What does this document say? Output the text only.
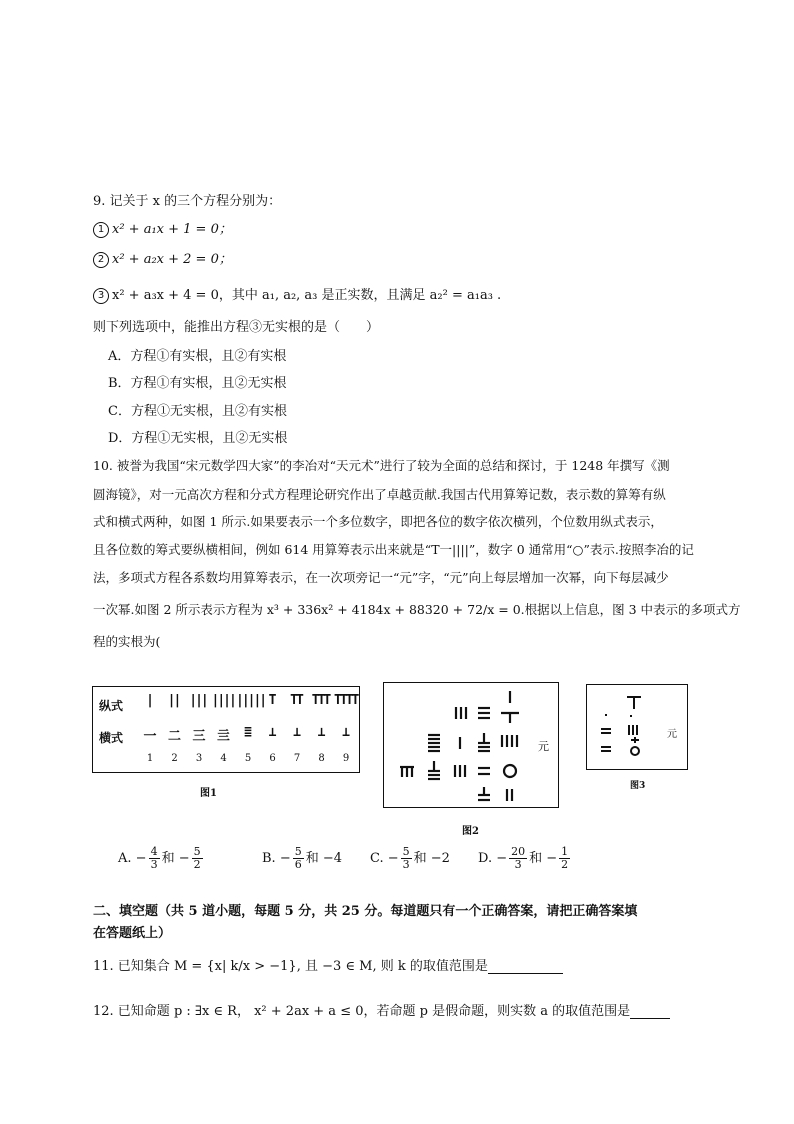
9. 记关于 x 的三个方程分别为：
1 x² + a₁x + 1 = 0；
2 x² + a₂x + 2 = 0；
3 x² + a₃x + 4 = 0，其中 a₁, a₂, a₃ 是正实数，且满足 a₂² = a₁a₃ .
则下列选项中，能推出方程③无实根的是（　　）
A．方程①有实根，且②有实根
B．方程①有实根，且②无实根
C．方程①无实根，且②有实根
D．方程①无实根，且②无实根
10. 被誉为我国“宋元数学四大家”的李冶对“天元术”进行了较为全面的总结和探讨，于 1248 年撰写《测
圆海镜》，对一元高次方程和分式方程理论研究作出了卓越贡献.我国古代用算筹记数，表示数的算筹有纵
式和横式两种，如图 1 所示.如果要表示一个多位数字，即把各位的数字依次横列，个位数用纵式表示，
且各位数的筹式要纵横相间，例如 614 用算筹表示出来就是“T一||||”，数字 0 通常用“○”表示.按照李冶的记
法，多项式方程各系数均用算筹表示，在一次项旁记一“元”字，“元”向上每层增加一次幂，向下每层减少
一次幂.如图 2 所示表示方程为 x³ + 336x² + 4184x + 88320 + 72/x = 0.根据以上信息，图 3 中表示的多项式方
程的实根为(
纵式
横式
|	|| ||| |||| ||||| T	TT TTT TTTT
一	二	三	亖	≣	⊥	⊥	⊥	⊥
1	2	3	4	5	6	7	8	9
图1
元
图2
元
图3
A. − $\frac{4}{3}$ 和 − $\frac{5}{2}$	B. − $\frac{5}{6}$ 和 −4 C. − $\frac{5}{3}$ 和 −2 D. − $\frac{20}{3}$ 和 − $\frac{1}{2}$
二、填空题（共 5 道小题，每题 5 分，共 25 分。每道题只有一个正确答案，请把正确答案填
在答题纸上）
11. 已知集合 M = {x| k/x > −1}, 且 −3 ∈ M, 则 k 的取值范围是
12. 已知命题 p : ∃x ∈ R， x² + 2ax + a ≤ 0，若命题 p 是假命题，则实数 a 的取值范围是
